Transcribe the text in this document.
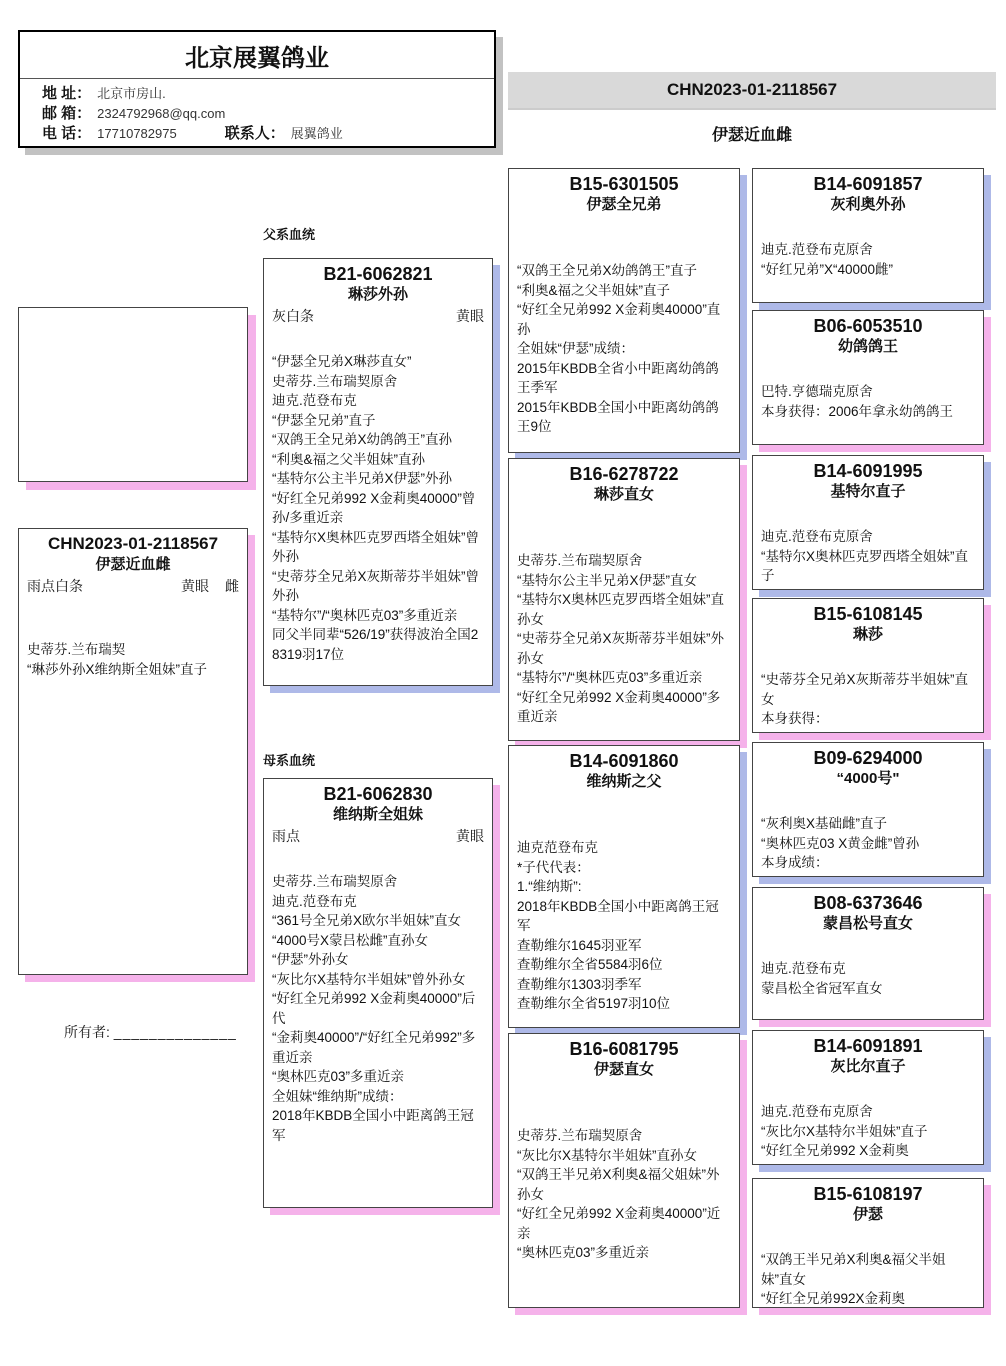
北京展翼鸽业
地 址： 北京市房山.
邮 箱： 2324792968@qq.com
电 话： 17710782975	联系人： 展翼鸽业
CHN2023-01-2118567
伊瑟近血雌
父系血统
母系血统
CHN2023-01-2118567
伊瑟近血雌
雨点白条	黄眼 雌
史蒂芬.兰布瑞契
“琳莎外孙X维纳斯全姐妹”直子
所有者: ______________
B21-6062821
琳莎外孙
灰白条	黄眼
“伊瑟全兄弟X琳莎直女”
史蒂芬.兰布瑞契原舍
迪克.范登布克
“伊瑟全兄弟”直子
“双鸽王全兄弟X幼鸽鸽王”直孙
“利奥&福之父半姐妹”直孙
“基特尔公主半兄弟X伊瑟”外孙
“好红全兄弟992 X金莉奥40000”曾孙/多重近亲
“基特尔X奥林匹克罗西塔全姐妹”曾外孙
“史蒂芬全兄弟X灰斯蒂芬半姐妹”曾外孙
“基特尔”/“奥林匹克03”多重近亲
同父半同辈“526/19”获得波治全国28319羽17位
B21-6062830
维纳斯全姐妹
雨点	黄眼
史蒂芬.兰布瑞契原舍
迪克.范登布克
“361号全兄弟X欧尔半姐妹”直女
“4000号X蒙吕松雌”直孙女
“伊瑟”外孙女
“灰比尔X基特尔半姐妹”曾外孙女
“好红全兄弟992 X金莉奥40000”后代
“金莉奥40000”/“好红全兄弟992”多重近亲
“奥林匹克03”多重近亲
全姐妹“维纳斯”成绩：
2018年KBDB全国小中距离鸽王冠军
B15-6301505
伊瑟全兄弟
“双鸽王全兄弟X幼鸽鸽王”直子
“利奥&福之父半姐妹”直子
“好红全兄弟992 X金莉奥40000”直孙
全姐妹“伊瑟”成绩：
2015年KBDB全省小中距离幼鸽鸽王季军
2015年KBDB全国小中距离幼鸽鸽王9位
B16-6278722
琳莎直女
史蒂芬.兰布瑞契原舍
“基特尔公主半兄弟X伊瑟”直女
“基特尔X奥林匹克罗西塔全姐妹”直孙女
“史蒂芬全兄弟X灰斯蒂芬半姐妹”外孙女
“基特尔”/“奥林匹克03”多重近亲
“好红全兄弟992 X金莉奥40000”多重近亲
B14-6091860
维纳斯之父
迪克范登布克
*子代代表：
1.“维纳斯”:
2018年KBDB全国小中距离鸽王冠军
查勒维尔1645羽亚军
查勒维尔全省5584羽6位
查勒维尔1303羽季军
查勒维尔全省5197羽10位
B16-6081795
伊瑟直女
史蒂芬.兰布瑞契原舍
“灰比尔X基特尔半姐妹”直孙女
“双鸽王半兄弟X利奥&福父姐妹”外孙女
“好红全兄弟992 X金莉奥40000”近亲
“奥林匹克03”多重近亲
B14-6091857
灰利奥外孙
迪克.范登布克原舍
“好红兄弟”X“40000雌”
B06-6053510
幼鸽鸽王
巴特.亨德瑞克原舍
本身获得：2006年拿永幼鸽鸽王
B14-6091995
基特尔直子
迪克.范登布克原舍
“基特尔X奥林匹克罗西塔全姐妹”直子
B15-6108145
琳莎
“史蒂芬全兄弟X灰斯蒂芬半姐妹”直女
本身获得：
B09-6294000
“4000号"
“灰利奥X基础雌”直子
“奥林匹克03 X黄金雌”曾孙
本身成绩：
B08-6373646
蒙昌松号直女
迪克.范登布克
蒙昌松全省冠军直女
B14-6091891
灰比尔直子
迪克.范登布克原舍
“灰比尔X基特尔半姐妹”直子
“好红全兄弟992 X金莉奥
B15-6108197
伊瑟
“双鸽王半兄弟X利奥&福父半姐妹”直女
“好红全兄弟992X金莉奥
